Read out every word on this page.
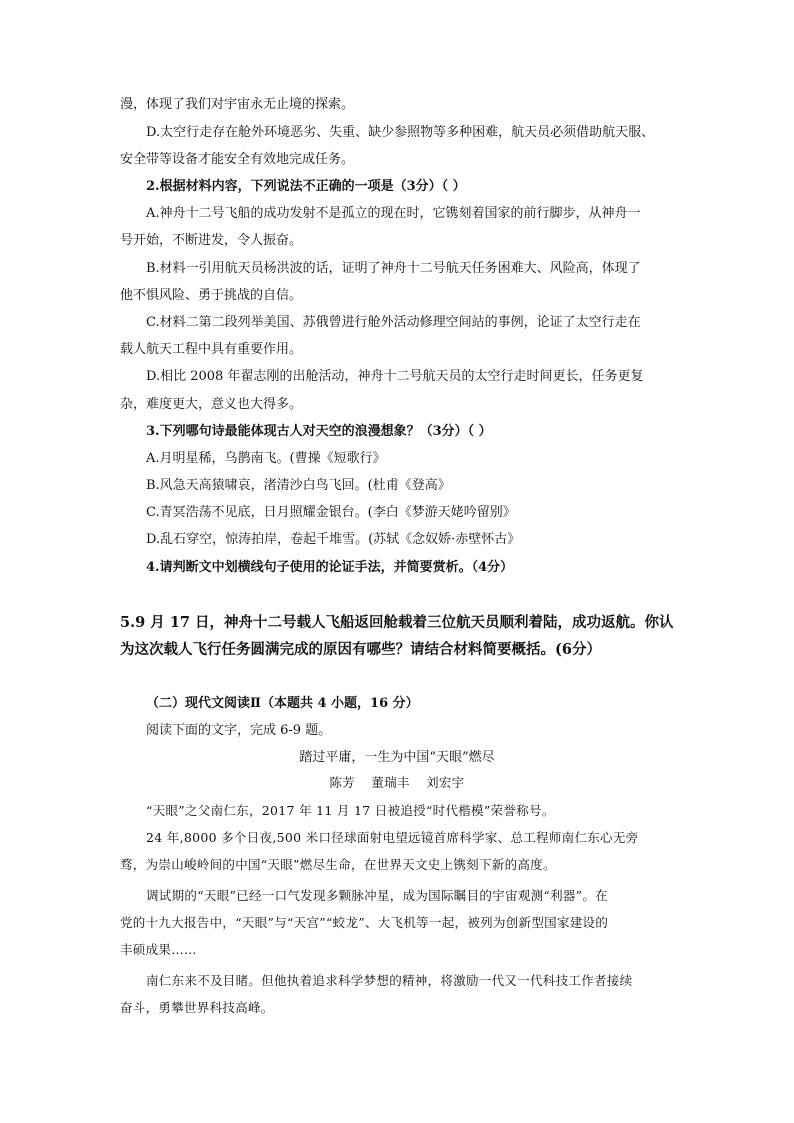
漫，体现了我们对宇宙永无止境的探索。
D.太空行走存在舱外环境恶劣、失重、缺少参照物等多种困难，航天员必须借助航天服、
安全带等设备才能安全有效地完成任务。
2.根据材料内容，下列说法不正确的一项是（3分）（ ）
A.神舟十二号飞船的成功发射不是孤立的现在时，它镌刻着国家的前行脚步，从神舟一
号开始，不断进发，令人振奋。
B.材料一引用航天员杨洪波的话，证明了神舟十二号航天任务困难大、风险高，体现了
他不惧风险、勇于挑战的自信。
C.材料二第二段列举美国、苏俄曾进行舱外活动修理空间站的事例，论证了太空行走在
载人航天工程中具有重要作用。
D.相比 2008 年翟志刚的出舱活动，神舟十二号航天员的太空行走时间更长，任务更复
杂，难度更大，意义也大得多。
3.下列哪句诗最能体现古人对天空的浪漫想象？（3分）（ ）
A.月明星稀，乌鹊南飞。(曹操《短歌行》
B.风急天高猿啸哀，渚清沙白鸟飞回。(杜甫《登高》
C.青冥浩荡不见底，日月照耀金银台。(李白《梦游天姥吟留别》
D.乱石穿空，惊涛拍岸，卷起千堆雪。(苏轼《念奴娇·赤壁怀古》
4.请判断文中划横线句子使用的论证手法，并简要赏析。（4分）
5.9 月 17 日，神舟十二号载人飞船返回舱载着三位航天员顺利着陆，成功返航。你认
为这次载人飞行任务圆满完成的原因有哪些？请结合材料简要概括。(6分）
（二）现代文阅读Ⅱ（本题共 4 小题，16 分）
阅读下面的文字，完成 6-9 题。
踏过平庸，一生为中国“天眼”燃尽
陈芳 董瑞丰 刘宏宇
“天眼”之父南仁东，2017 年 11 月 17 日被追授“时代楷模”荣誉称号。
24 年,8000 多个日夜,500 米口径球面射电望远镜首席科学家、总工程师南仁东心无旁
骛，为崇山峻岭间的中国“天眼”燃尽生命，在世界天文史上镌刻下新的高度。
调试期的“天眼”已经一口气发现多颗脉冲星，成为国际瞩目的宇宙观测“利器”。在
党的十九大报告中，“天眼”与“天宫”“蛟龙”、大飞机等一起，被列为创新型国家建设的
丰硕成果……
南仁东来不及目睹。但他执着追求科学梦想的精神，将激励一代又一代科技工作者接续
奋斗，勇攀世界科技高峰。
